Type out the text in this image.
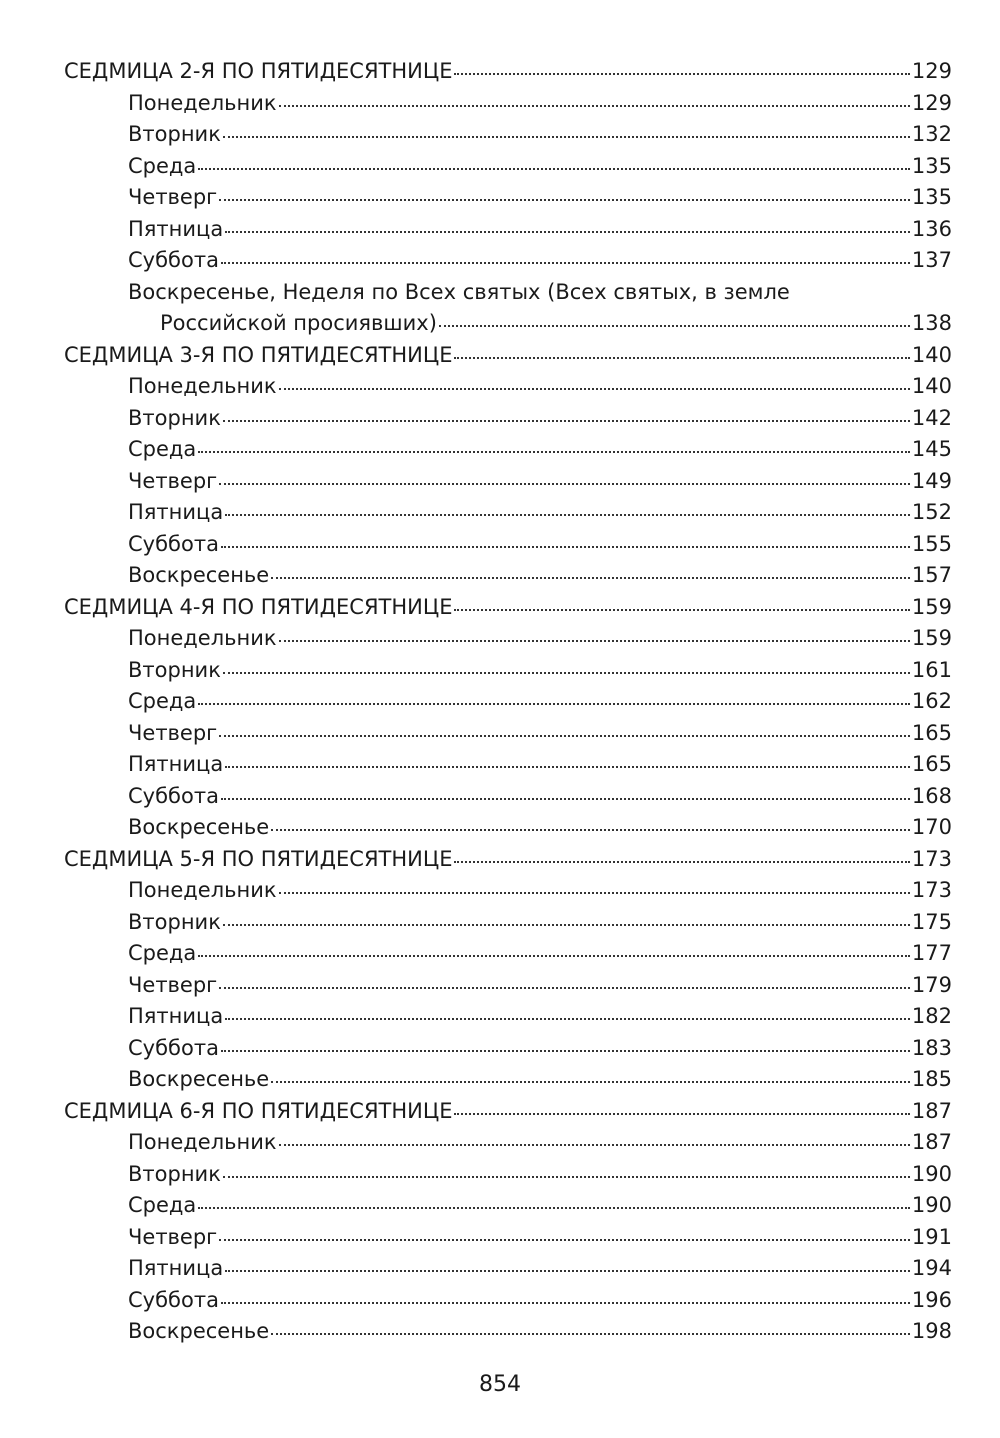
СЕДМИЦА 2-Я ПО ПЯТИДЕСЯТНИЦЕ	129
Понедельник	129
Вторник	132
Среда	135
Четверг	135
Пятница	136
Суббота	137
Воскресенье, Неделя по Всех святых (Всех святых, в земле
Российской просиявших)	138
СЕДМИЦА 3-Я ПО ПЯТИДЕСЯТНИЦЕ	140
Понедельник	140
Вторник	142
Среда	145
Четверг	149
Пятница	152
Суббота	155
Воскресенье	157
СЕДМИЦА 4-Я ПО ПЯТИДЕСЯТНИЦЕ	159
Понедельник	159
Вторник	161
Среда	162
Четверг	165
Пятница	165
Суббота	168
Воскресенье	170
СЕДМИЦА 5-Я ПО ПЯТИДЕСЯТНИЦЕ	173
Понедельник	173
Вторник	175
Среда	177
Четверг	179
Пятница	182
Суббота	183
Воскресенье	185
СЕДМИЦА 6-Я ПО ПЯТИДЕСЯТНИЦЕ	187
Понедельник	187
Вторник	190
Среда	190
Четверг	191
Пятница	194
Суббота	196
Воскресенье	198
854
